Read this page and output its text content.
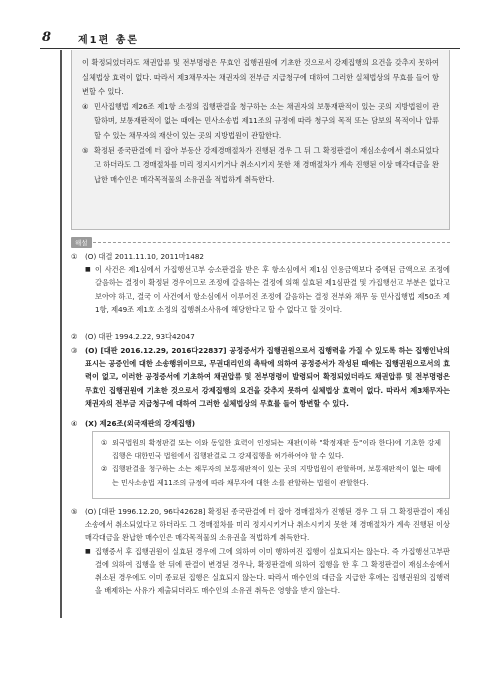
8	제1편 총론

이 확정되었더라도 채권압류 및 전부명령은 무효인 집행권원에 기초한 것으로서 강제집행의 요건을 갖추지 못하여 실체법상 효력이 없다. 따라서 제3채무자는 채권자의 전부금 지급청구에 대하여 그러한 실체법상의 무효를 들어 항변할 수 있다.

④ 민사집행법 제26조 제1항 소정의 집행판결을 청구하는 소는 채권자의 보통재판적이 있는 곳의 지방법원이 관할하며, 보통재판적이 없는 때에는 민사소송법 제11조의 규정에 따라 청구의 목적 또는 담보의 목적이나 압류할 수 있는 채무자의 재산이 있는 곳의 지방법원이 관할한다.

⑤ 확정된 종국판결에 터 잡아 부동산 강제경매절차가 진행된 경우 그 뒤 그 확정판결이 재심소송에서 취소되었다고 하더라도 그 경매절차를 미리 정지시키거나 취소시키지 못한 채 경매절차가 계속 진행된 이상 매각대금을 완납한 매수인은 매각목적물의 소유권을 적법하게 취득한다.

해설
① (O) 대결 2011.11.10, 2011마1482
■ 이 사건은 제1심에서 가집행선고부 승소판결을 받은 후 항소심에서 제1심 인용금액보다 증액된 금액으로 조정에 갈음하는 결정이 확정된 경우이므로 조정에 갈음하는 결정에 의해 실효된 제1심판결 및 가집행선고 부분은 없다고 보아야 하고, 결국 이 사건에서 항소심에서 이루어진 조정에 갈음하는 결정 전부와 채무 등 민사집행법 제50조 제1항, 제49조 제1호 소정의 집행취소사유에 해당한다고 할 수 없다고 할 것이다.
② (O) 대판 1994.2.22, 93다42047
③ (O) [대판 2016.12.29, 2016다22837] 공정증서가 집행권원으로서 집행력을 가질 수 있도록 하는 집행인낙의 표시는 공증인에 대한 소송행위이므로, 무권대리인의 촉탁에 의하여 공정증서가 작성된 때에는 집행권원으로서의 효력이 없고, 이러한 공정증서에 기초하여 채권압류 및 전부명령이 발령되어 확정되었더라도 채권압류 및 전부명령은 무효인 집행권원에 기초한 것으로서 강제집행의 요건을 갖추지 못하여 실체법상 효력이 없다. 따라서 제3채무자는 채권자의 전부금 지급청구에 대하여 그러한 실체법상의 무효를 들어 항변할 수 있다.
④ (X) 제26조(외국재판의 강제집행)
① 외국법원의 확정판결 또는 이와 동일한 효력이 인정되는 재판(이하 "확정재판 등"이라 한다)에 기초한 강제집행은 대한민국 법원에서 집행판결로 그 강제집행을 허가하여야 할 수 있다.
② 집행판결을 청구하는 소는 채무자의 보통재판적이 있는 곳의 지방법원이 관할하며, 보통재판적이 없는 때에는 민사소송법 제11조의 규정에 따라 채무자에 대한 소를 관할하는 법원이 관할한다.
⑤ (O) [대판 1996.12.20, 96다42628] 확정된 종국판결에 터 잡아 경매절차가 진행된 경우 그 뒤 그 확정판결이 재심소송에서 취소되었다고 하더라도 그 경매절차를 미리 정지시키거나 취소시키지 못한 채 경매절차가 계속 진행된 이상 매각대금을 완납한 매수인은 매각목적물의 소유권을 적법하게 취득한다.
■ 집행증서 후 집행권원이 실효된 경우에 그에 의하여 이미 행하여진 집행이 실효되지는 않는다. 즉 가집행선고부판결에 의하여 집행을 한 뒤에 판결이 변경된 경우나, 확정판결에 의하여 집행을 한 후 그 확정판결이 재심소송에서 취소된 경우에도 이미 종료된 집행은 실효되지 않는다. 따라서 매수인의 대금을 지급한 후에는 집행권원의 집행력을 배제하는 사유가 제출되더라도 매수인의 소유권 취득은 영향을 받지 않는다.
